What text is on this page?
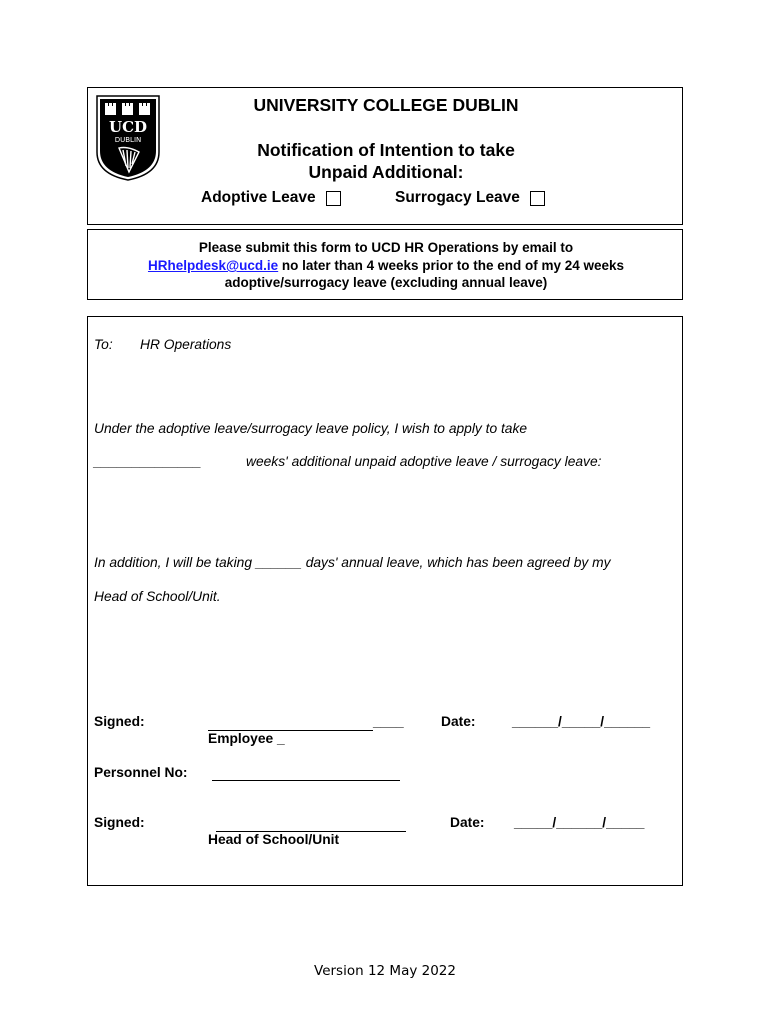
UCD
DUBLIN
UNIVERSITY COLLEGE DUBLIN
Notification of Intention to take
Unpaid Additional:
Adoptive Leave	Surrogacy Leave
Please submit this form to UCD HR Operations by email to
HRhelpdesk@ucd.ie no later than 4 weeks prior to the end of my 24 weeks
adoptive/surrogacy leave (excluding annual leave)
To: HR Operations
Under the adoptive leave/surrogacy leave policy, I wish to apply to take
______________	weeks' additional unpaid adoptive leave / surrogacy leave:
In addition, I will be taking ______ days' annual leave, which has been agreed by my
Head of School/Unit.
Signed:	____
Employee _
Date:	______/_____/______
Personnel No:
Signed:
Head of School/Unit
Date: _____/______/_____
Version 12 May 2022
